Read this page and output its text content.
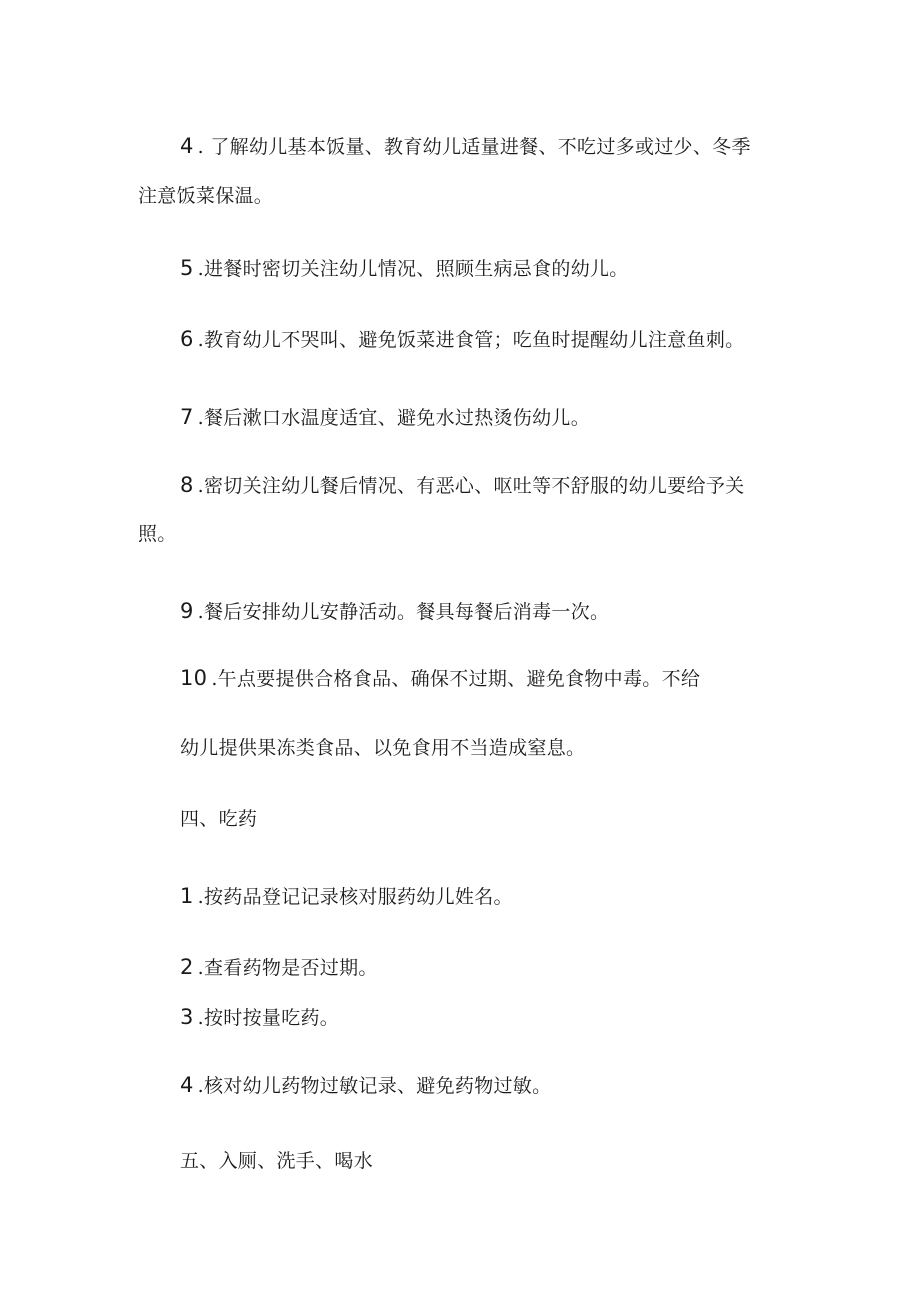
4 . 了解幼儿基本饭量、教育幼儿适量进餐、不吃过多或过少、冬季
注意饭菜保温。
5 .进餐时密切关注幼儿情况、照顾生病忌食的幼儿。
6 .教育幼儿不哭叫、避免饭菜进食管；吃鱼时提醒幼儿注意鱼刺。
7 .餐后漱口水温度适宜、避免水过热烫伤幼儿。
8 .密切关注幼儿餐后情况、有恶心、呕吐等不舒服的幼儿要给予关
照。
9 .餐后安排幼儿安静活动。餐具每餐后消毒一次。
10 .午点要提供合格食品、确保不过期、避免食物中毒。不给
幼儿提供果冻类食品、以免食用不当造成窒息。
四、吃药
1 .按药品登记记录核对服药幼儿姓名。
2 .查看药物是否过期。
3 .按时按量吃药。
4 .核对幼儿药物过敏记录、避免药物过敏。
五、入厕、洗手、喝水
